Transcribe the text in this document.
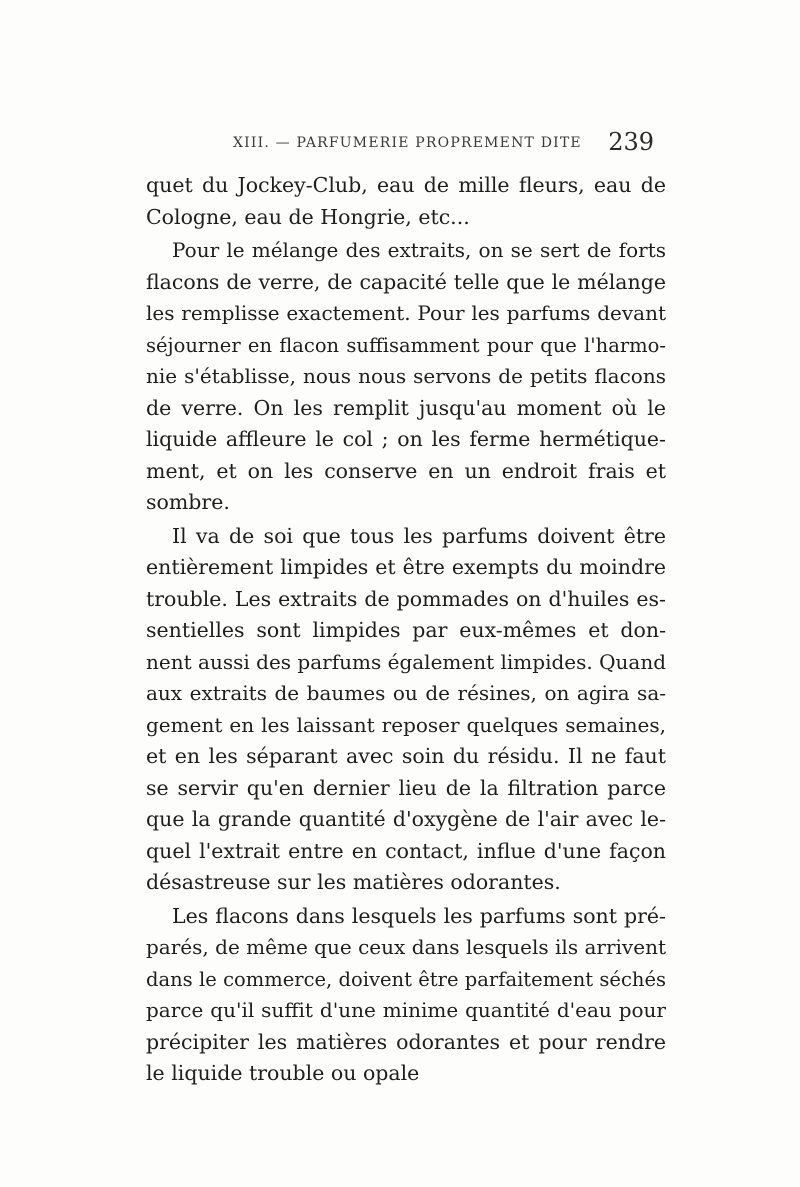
XIII. — PARFUMERIE PROPREMENT DITE 239
quet du Jockey-Club, eau de mille fleurs, eau de
Cologne, eau de Hongrie, etc...
Pour le mélange des extraits, on se sert de forts
flacons de verre, de capacité telle que le mélange
les remplisse exactement. Pour les parfums devant
séjourner en flacon suffisamment pour que l'harmo-
nie s'établisse, nous nous servons de petits flacons
de verre. On les remplit jusqu'au moment où le
liquide affleure le col ; on les ferme hermétique-
ment, et on les conserve en un endroit frais et
sombre.
Il va de soi que tous les parfums doivent être
entièrement limpides et être exempts du moindre
trouble. Les extraits de pommades on d'huiles es-
sentielles sont limpides par eux-mêmes et don-
nent aussi des parfums également limpides. Quand
aux extraits de baumes ou de résines, on agira sa-
gement en les laissant reposer quelques semaines,
et en les séparant avec soin du résidu. Il ne faut
se servir qu'en dernier lieu de la filtration parce
que la grande quantité d'oxygène de l'air avec le-
quel l'extrait entre en contact, influe d'une façon
désastreuse sur les matières odorantes.
Les flacons dans lesquels les parfums sont pré-
parés, de même que ceux dans lesquels ils arrivent
dans le commerce, doivent être parfaitement séchés
parce qu'il suffit d'une minime quantité d'eau pour
précipiter les matières odorantes et pour rendre
le liquide trouble ou opale
